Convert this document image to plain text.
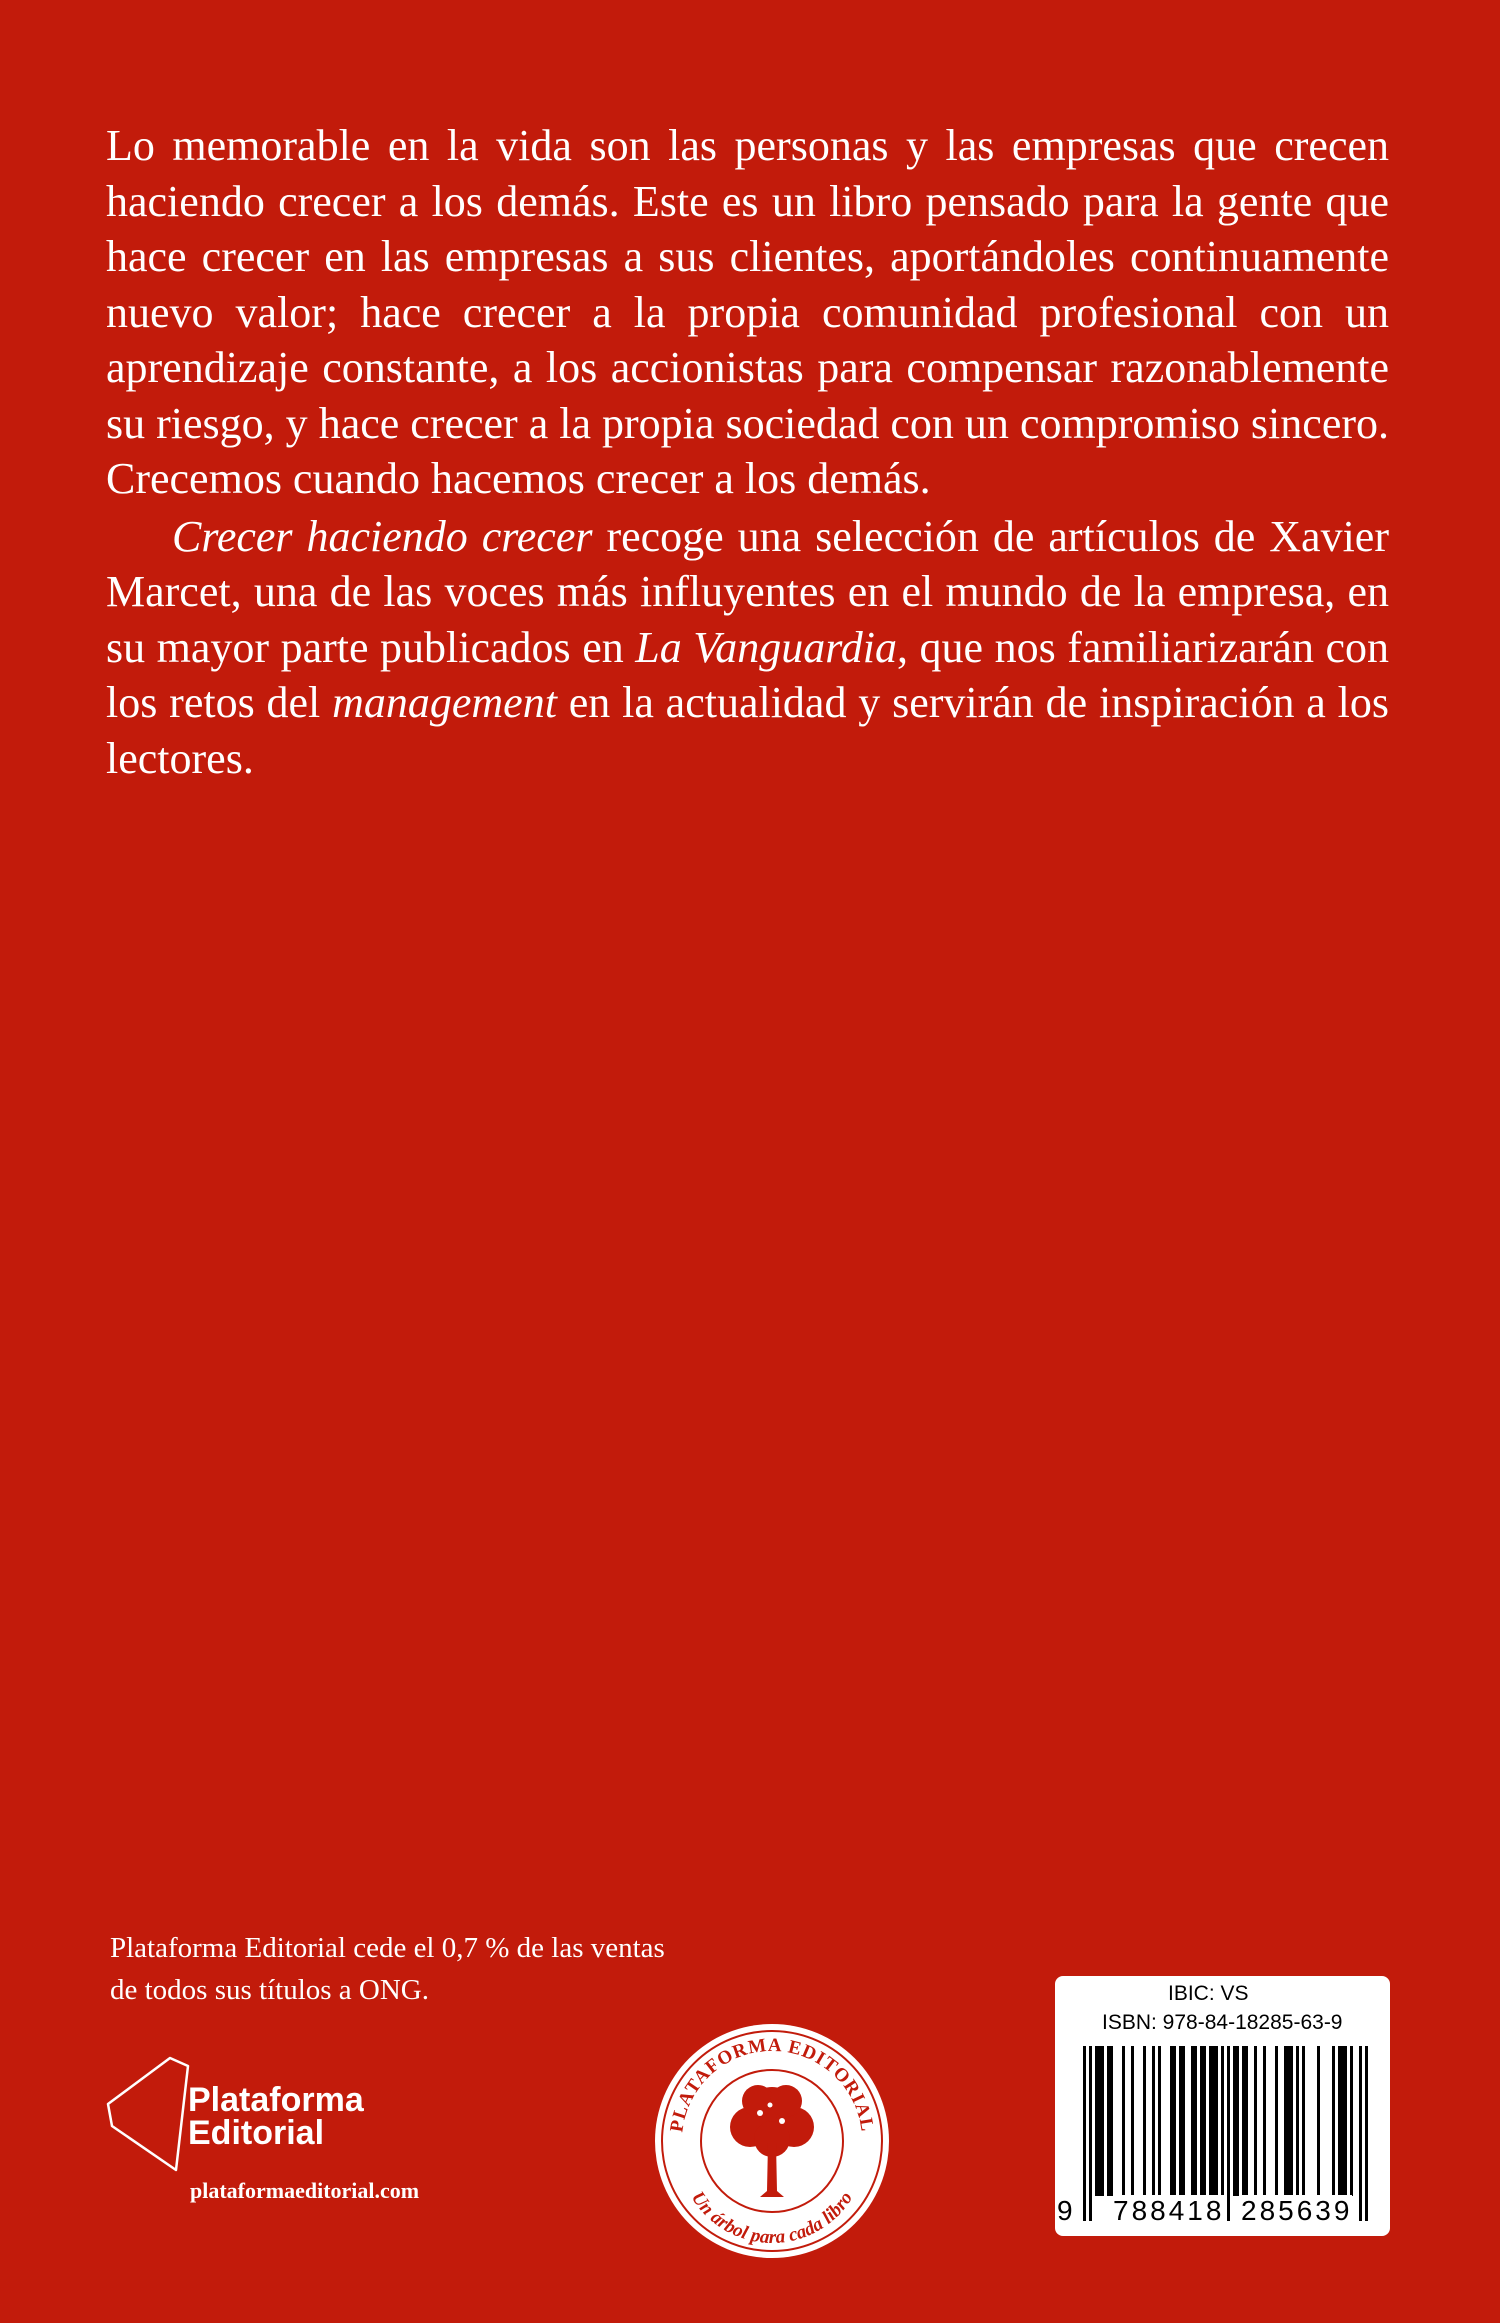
Lo memorable en la vida son las personas y las empresas que crecen haciendo crecer a los demás. Este es un libro pensado para la gente que hace crecer en las empresas a sus clientes, aportándoles continuamente nuevo valor; hace crecer a la propia comunidad profesional con un aprendizaje constante, a los accionistas para compensar razonablemente su riesgo, y hace crecer a la propia sociedad con un compromiso sincero. Crecemos cuando hacemos crecer a los demás.

Crecer haciendo crecer recoge una selección de artículos de Xavier Marcet, una de las voces más influyentes en el mundo de la empresa, en su mayor parte publicados en La Vanguardia, que nos familiarizarán con los retos del management en la actualidad y servirán de inspiración a los lectores.

Plataforma Editorial cede el 0,7 % de las ventas
de todos sus títulos a ONG.
Plataforma
Editorial
plataformaeditorial.com
PLATAFORMA EDITORIAL
Un árbol para cada libro
IBIC: VS
ISBN: 978-84-18285-63-9
9 788418 285639
